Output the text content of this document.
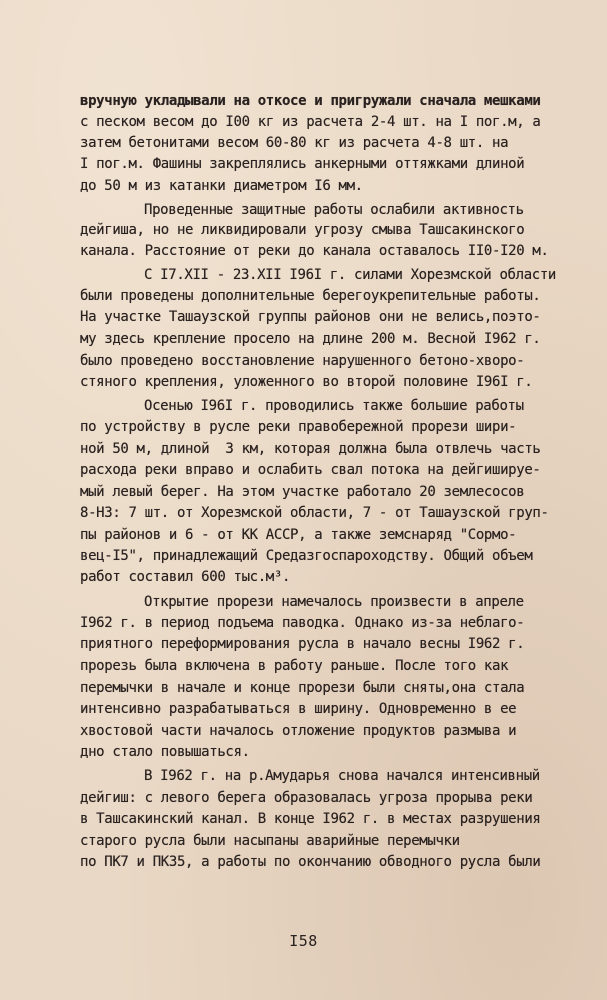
вручную укладывали на откосе и пригружали сначала мешками
с песком весом до I00 кг из расчета 2-4 шт. на I пог.м, а
затем бетонитами весом 60-80 кг из расчета 4-8 шт. на
I пог.м. Фашины закреплялись анкерными оттяжками длиной
до 50 м из катанки диаметром I6 мм.
Проведенные защитные работы ослабили активность
дейгиша, но не ликвидировали угрозу смыва Ташсакинского
канала. Расстояние от реки до канала оставалось II0-I20 м.
С I7.XII - 23.XII I96I г. силами Хорезмской области
были проведены дополнительные берегоукрепительные работы.
На участке Ташаузской группы районов они не велись,поэто-
му здесь крепление просело на длине 200 м. Весной I962 г.
было проведено восстановление нарушенного бетоно-хворо-
стяного крепления, уложенного во второй половине I96I г.
Осенью I96I г. проводились также большие работы
по устройству в русле реки правобережной прорези шири-
ной 50 м, длиной  3 км, которая должна была отвлечь часть
расхода реки вправо и ослабить свал потока на дейгишируе-
мый левый берег. На этом участке работало 20 землесосов
8-НЗ: 7 шт. от Хорезмской области, 7 - от Ташаузской груп-
пы районов и 6 - от КК АССР, а также земснаряд "Сормо-
вец-I5", принадлежащий Средазгоспароходству. Общий объем
работ составил 600 тыс.м³.
Открытие прорези намечалось произвести в апреле
I962 г. в период подъема паводка. Однако из-за неблаго-
приятного переформирования русла в начало весны I962 г.
прорезь была включена в работу раньше. После того как
перемычки в начале и конце прорези были сняты,она стала
интенсивно разрабатываться в ширину. Одновременно в ее
хвостовой части началось отложение продуктов размыва и
дно стало повышаться.
В I962 г. на р.Амударья снова начался интенсивный
дейгиш: с левого берега образовалась угроза прорыва реки
в Ташсакинский канал. В конце I962 г. в местах разрушения
старого русла были насыпаны аварийные перемычки
по ПК7 и ПК35, а работы по окончанию обводного русла были
I58
